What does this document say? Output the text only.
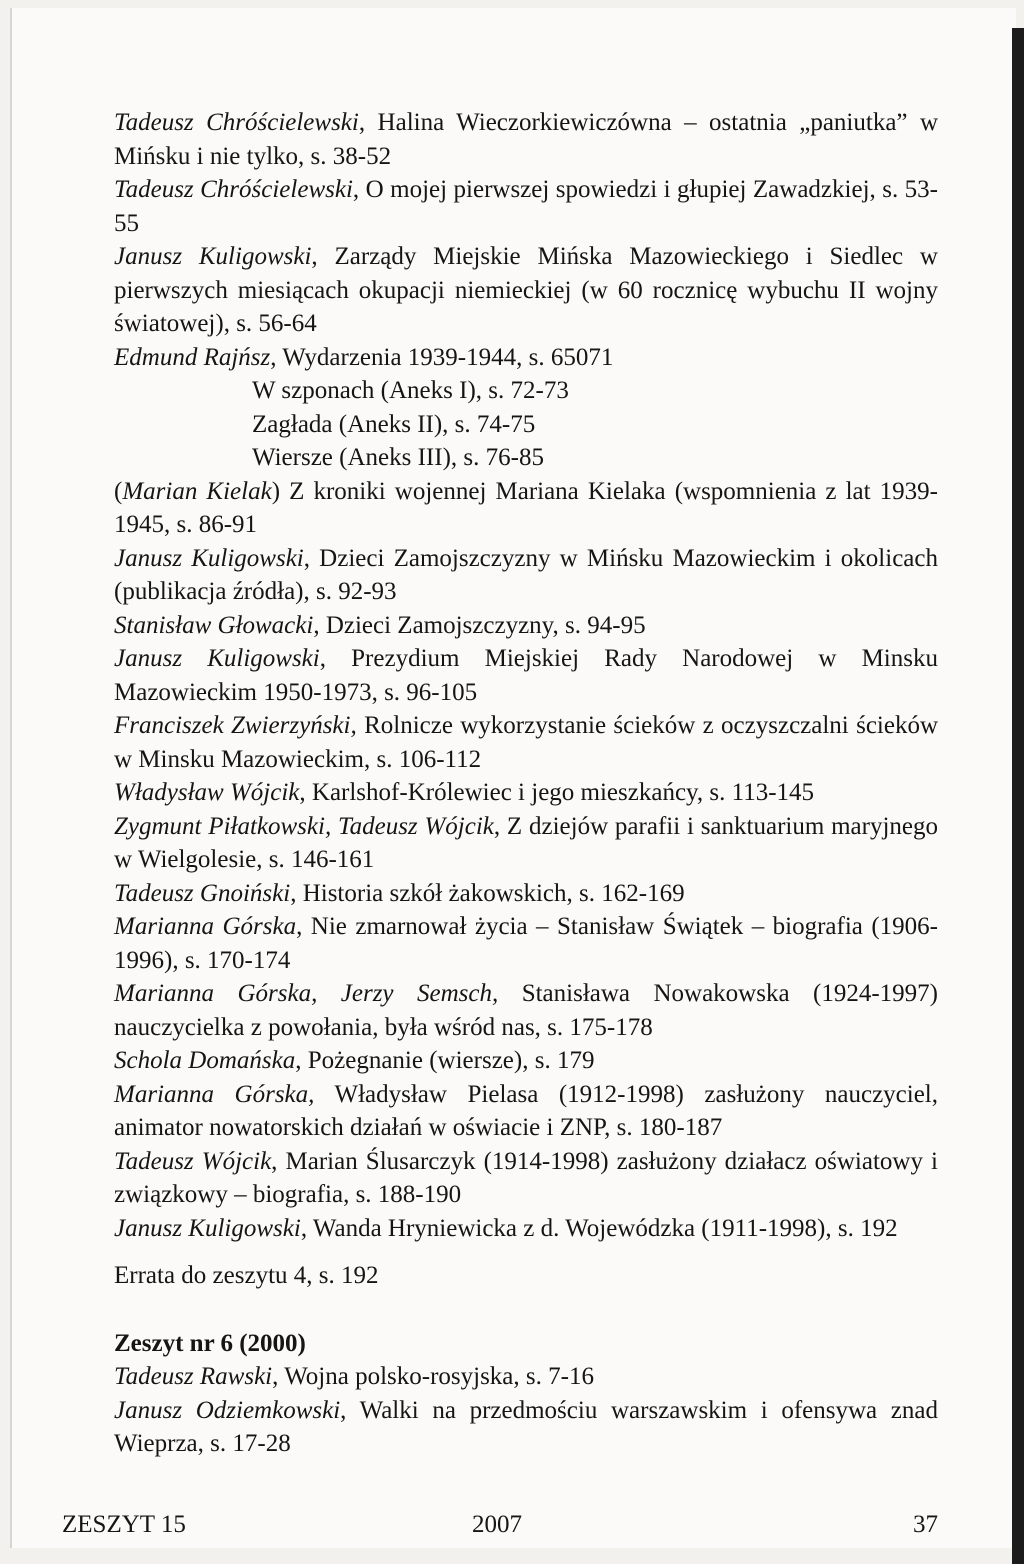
Tadeusz Chróścielewski, Halina Wieczorkiewiczówna – ostatnia „paniutka” w Mińsku i nie tylko, s. 38-52

Tadeusz Chróścielewski, O mojej pierwszej spowiedzi i głupiej Zawadzkiej, s. 53-55

Janusz Kuligowski, Zarządy Miejskie Mińska Mazowieckiego i Siedlec w pierwszych miesiącach okupacji niemieckiej (w 60 rocznicę wybuchu II wojny światowej), s. 56-64

Edmund Rajńsz, Wydarzenia 1939-1944, s. 65071

W szponach (Aneks I), s. 72-73

Zagłada (Aneks II), s. 74-75

Wiersze (Aneks III), s. 76-85

(Marian Kielak) Z kroniki wojennej Mariana Kielaka (wspomnienia z lat 1939-1945, s. 86-91

Janusz Kuligowski, Dzieci Zamojszczyzny w Mińsku Mazowieckim i okolicach (publikacja źródła), s. 92-93

Stanisław Głowacki, Dzieci Zamojszczyzny, s. 94-95

Janusz Kuligowski, Prezydium Miejskiej Rady Narodowej w Minsku Mazowieckim 1950-1973, s. 96-105

Franciszek Zwierzyński, Rolnicze wykorzystanie ścieków z oczyszczalni ścieków w Minsku Mazowieckim, s. 106-112

Władysław Wójcik, Karlshof-Królewiec i jego mieszkańcy, s. 113-145

Zygmunt Piłatkowski, Tadeusz Wójcik, Z dziejów parafii i sanktuarium maryjnego w Wielgolesie, s. 146-161

Tadeusz Gnoiński, Historia szkół żakowskich, s. 162-169

Marianna Górska, Nie zmarnował życia – Stanisław Świątek – biografia (1906-1996), s. 170-174

Marianna Górska, Jerzy Semsch, Stanisława Nowakowska (1924-1997) nauczycielka z powołania, była wśród nas, s. 175-178

Schola Domańska, Pożegnanie (wiersze), s. 179

Marianna Górska, Władysław Pielasa (1912-1998) zasłużony nauczyciel, animator nowatorskich działań w oświacie i ZNP, s. 180-187

Tadeusz Wójcik, Marian Ślusarczyk (1914-1998) zasłużony działacz oświatowy i związkowy – biografia, s. 188-190

Janusz Kuligowski, Wanda Hryniewicka z d. Wojewódzka (1911-1998), s. 192

Errata do zeszytu 4, s. 192

Zeszyt nr 6 (2000)

Tadeusz Rawski, Wojna polsko-rosyjska, s. 7-16

Janusz Odziemkowski, Walki na przedmościu warszawskim i ofensywa znad Wieprza, s. 17-28

ZESZYT 15	2007	37
